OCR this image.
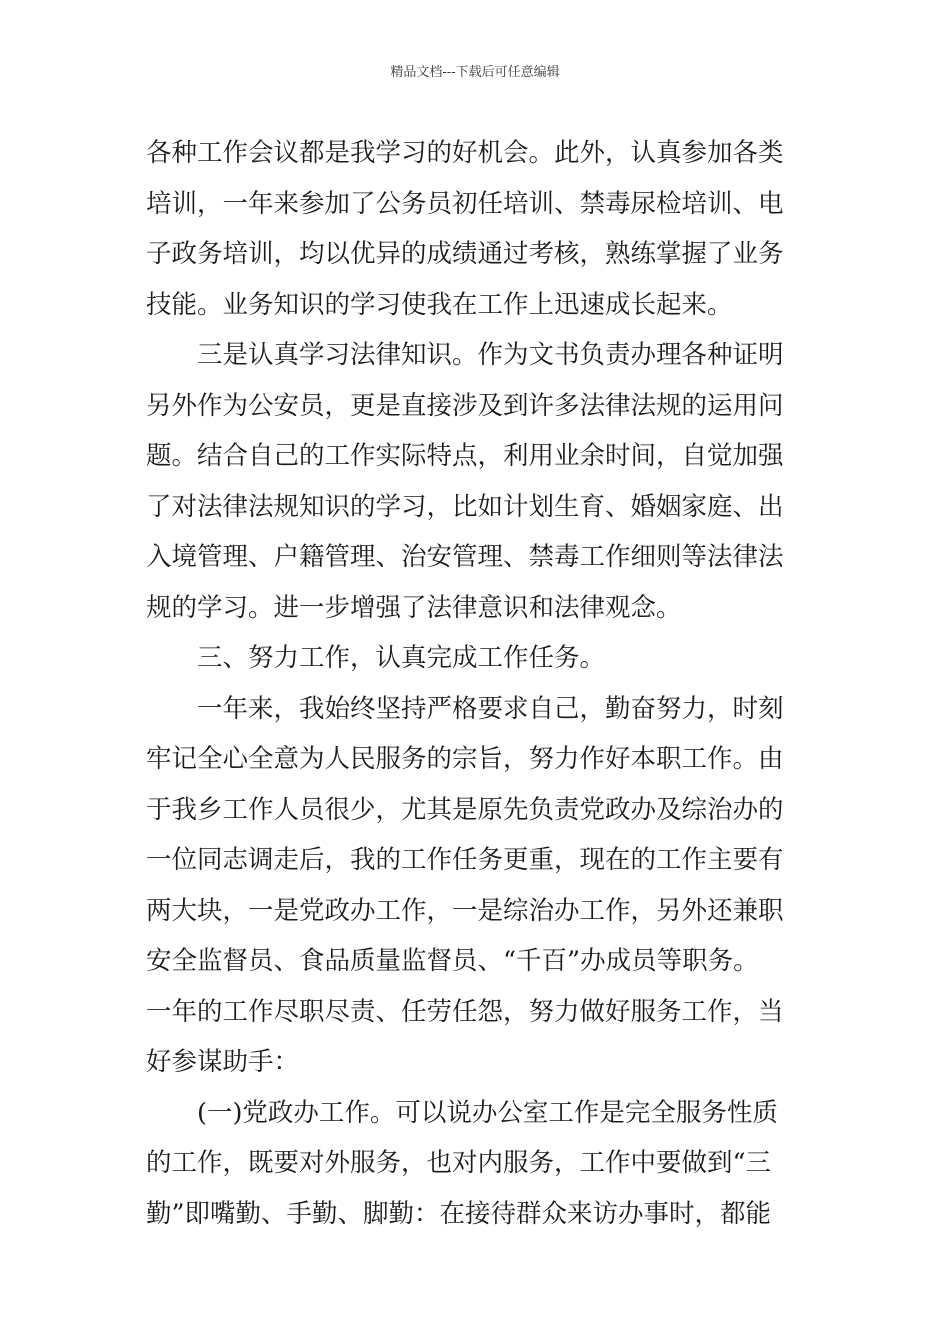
精品文档---下载后可任意编辑
各种工作会议都是我学习的好机会。此外，认真参加各类
培训，一年来参加了公务员初任培训、禁毒尿检培训、电
子政务培训，均以优异的成绩通过考核，熟练掌握了业务
技能。业务知识的学习使我在工作上迅速成长起来。
三是认真学习法律知识。作为文书负责办理各种证明
另外作为公安员，更是直接涉及到许多法律法规的运用问
题。结合自己的工作实际特点，利用业余时间，自觉加强
了对法律法规知识的学习，比如计划生育、婚姻家庭、出
入境管理、户籍管理、治安管理、禁毒工作细则等法律法
规的学习。进一步增强了法律意识和法律观念。
三、努力工作，认真完成工作任务。
一年来，我始终坚持严格要求自己，勤奋努力，时刻
牢记全心全意为人民服务的宗旨，努力作好本职工作。由
于我乡工作人员很少，尤其是原先负责党政办及综治办的
一位同志调走后，我的工作任务更重，现在的工作主要有
两大块，一是党政办工作，一是综治办工作，另外还兼职
安全监督员、食品质量监督员、“千百”办成员等职务。
一年的工作尽职尽责、任劳任怨，努力做好服务工作，当
好参谋助手：
(一)党政办工作。可以说办公室工作是完全服务性质
的工作，既要对外服务，也对内服务，工作中要做到“三
勤”即嘴勤、手勤、脚勤：在接待群众来访办事时，都能
